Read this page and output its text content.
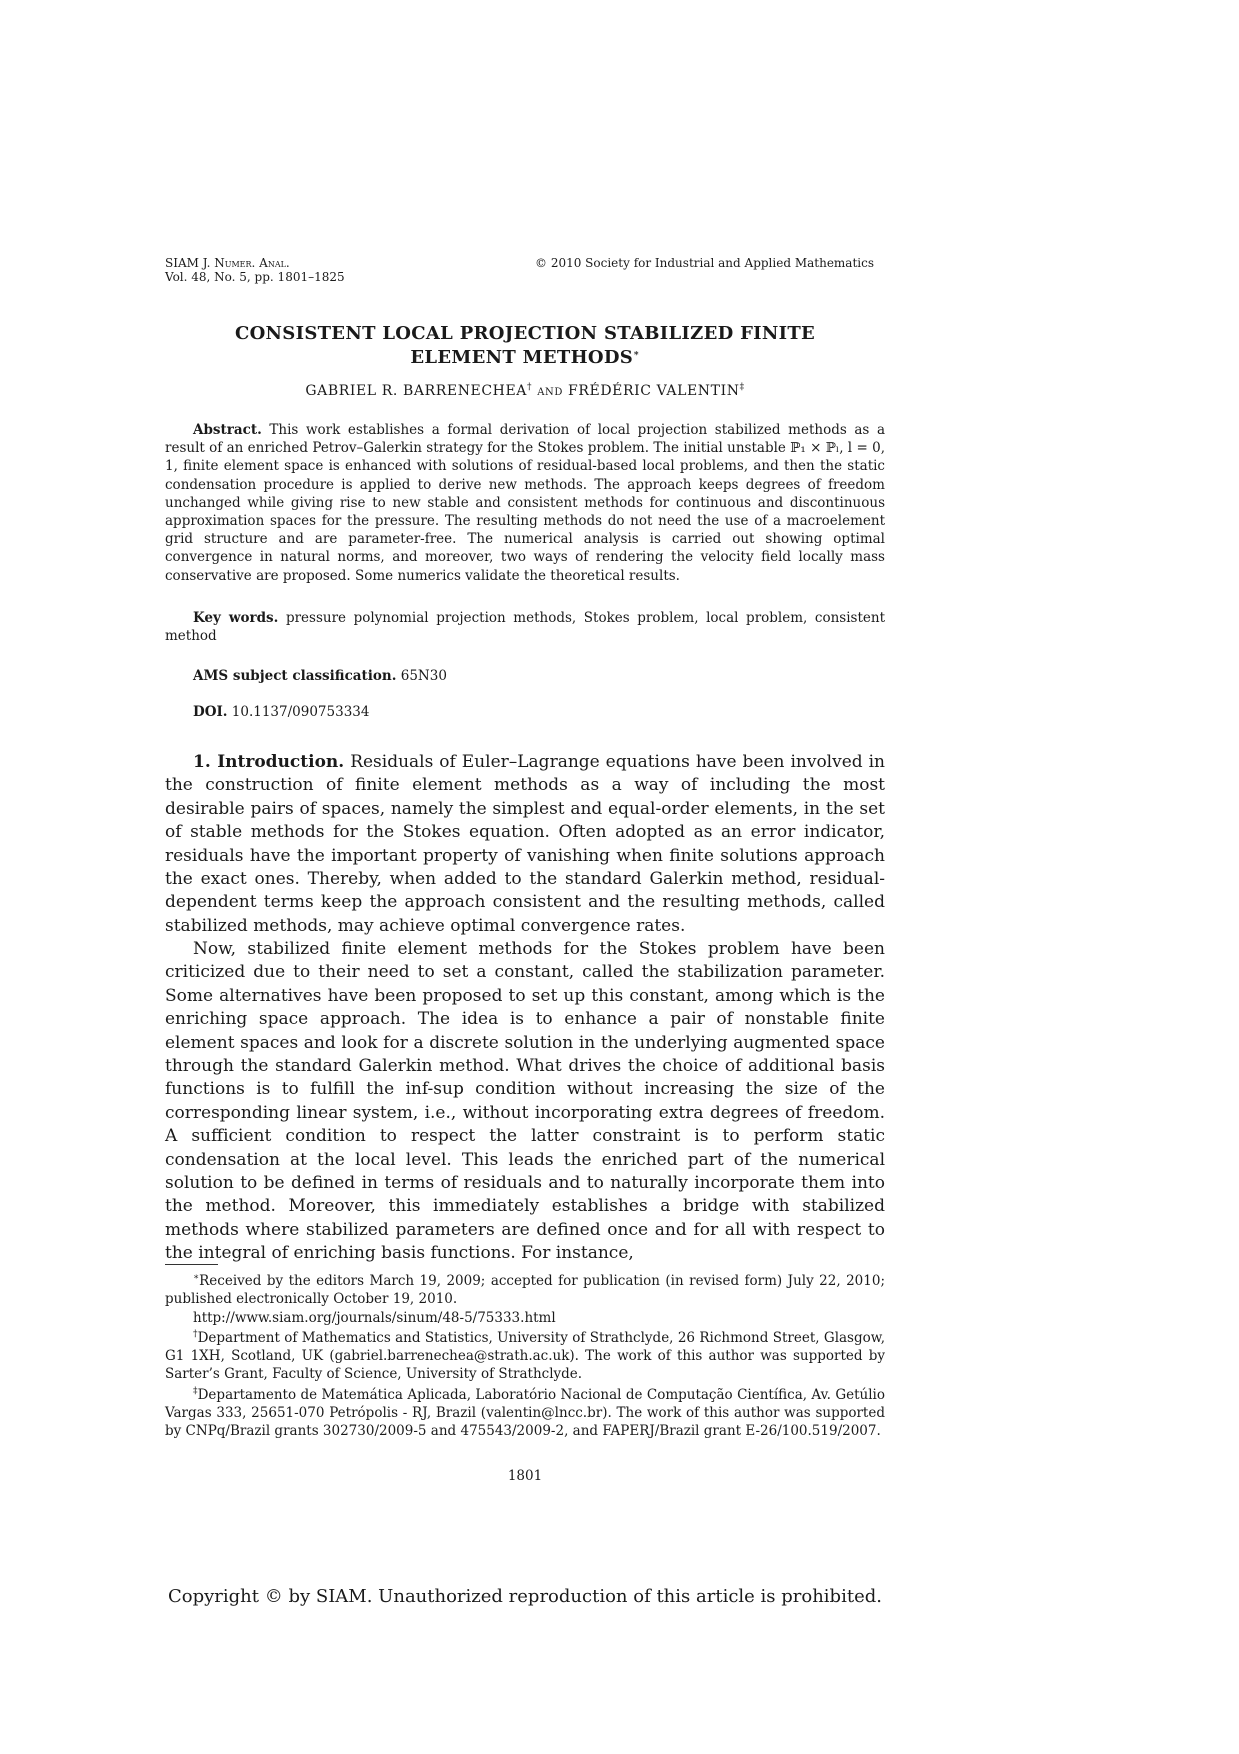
SIAM J. Numer. Anal.
Vol. 48, No. 5, pp. 1801–1825
© 2010 Society for Industrial and Applied Mathematics
CONSISTENT LOCAL PROJECTION STABILIZED FINITE
ELEMENT METHODS∗
GABRIEL R. BARRENECHEA† and FRÉDÉRIC VALENTIN‡
Abstract. This work establishes a formal derivation of local projection stabilized methods as a result of an enriched Petrov–Galerkin strategy for the Stokes problem. The initial unstable ℙ₁ × ℙₗ, l = 0, 1, finite element space is enhanced with solutions of residual-based local problems, and then the static condensation procedure is applied to derive new methods. The approach keeps degrees of freedom unchanged while giving rise to new stable and consistent methods for continuous and discontinuous approximation spaces for the pressure. The resulting methods do not need the use of a macroelement grid structure and are parameter-free. The numerical analysis is carried out showing optimal convergence in natural norms, and moreover, two ways of rendering the velocity field locally mass conservative are proposed. Some numerics validate the theoretical results.
Key words. pressure polynomial projection methods, Stokes problem, local problem, consistent method
AMS subject classification. 65N30
DOI. 10.1137/090753334
1. Introduction. Residuals of Euler–Lagrange equations have been involved in the construction of finite element methods as a way of including the most desirable pairs of spaces, namely the simplest and equal-order elements, in the set of stable methods for the Stokes equation. Often adopted as an error indicator, residuals have the important property of vanishing when finite solutions approach the exact ones. Thereby, when added to the standard Galerkin method, residual-dependent terms keep the approach consistent and the resulting methods, called stabilized methods, may achieve optimal convergence rates.
Now, stabilized finite element methods for the Stokes problem have been criticized due to their need to set a constant, called the stabilization parameter. Some alternatives have been proposed to set up this constant, among which is the enriching space approach. The idea is to enhance a pair of nonstable finite element spaces and look for a discrete solution in the underlying augmented space through the standard Galerkin method. What drives the choice of additional basis functions is to fulfill the inf-sup condition without increasing the size of the corresponding linear system, i.e., without incorporating extra degrees of freedom. A sufficient condition to respect the latter constraint is to perform static condensation at the local level. This leads the enriched part of the numerical solution to be defined in terms of residuals and to naturally incorporate them into the method. Moreover, this immediately establishes a bridge with stabilized methods where stabilized parameters are defined once and for all with respect to the integral of enriching basis functions. For instance,
∗Received by the editors March 19, 2009; accepted for publication (in revised form) July 22, 2010; published electronically October 19, 2010.
http://www.siam.org/journals/sinum/48-5/75333.html
†Department of Mathematics and Statistics, University of Strathclyde, 26 Richmond Street, Glasgow, G1 1XH, Scotland, UK (gabriel.barrenechea@strath.ac.uk). The work of this author was supported by Sarter’s Grant, Faculty of Science, University of Strathclyde.
‡Departamento de Matemática Aplicada, Laboratório Nacional de Computação Científica, Av. Getúlio Vargas 333, 25651-070 Petrópolis - RJ, Brazil (valentin@lncc.br). The work of this author was supported by CNPq/Brazil grants 302730/2009-5 and 475543/2009-2, and FAPERJ/Brazil grant E-26/100.519/2007.
1801
Copyright © by SIAM. Unauthorized reproduction of this article is prohibited.
